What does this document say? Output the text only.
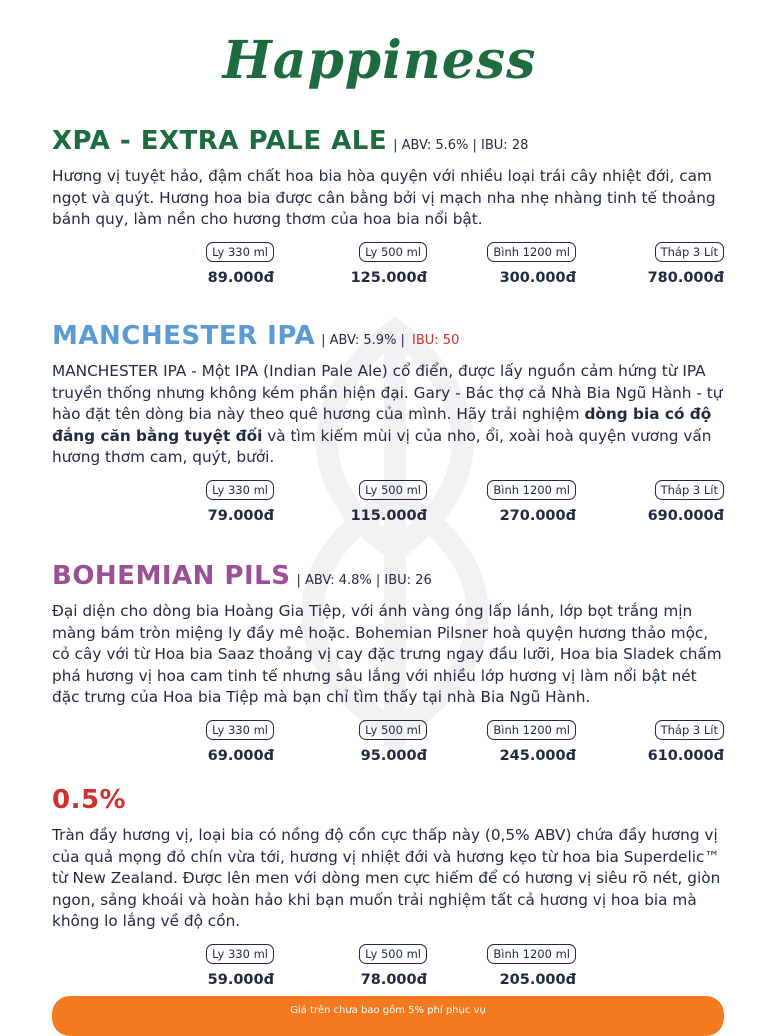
Happiness
XPA - EXTRA PALE ALE | ABV: 5.6% | IBU: 28
Hương vị tuyệt hảo, đậm chất hoa bia hòa quyện với nhiều loại trái cây nhiệt đới, cam ngọt và quýt. Hương hoa bia được cân bằng bởi vị mạch nha nhẹ nhàng tinh tế thoảng bánh quy, làm nền cho hương thơm của hoa bia nổi bật.
Ly 330 ml
89.000đ
Ly 500 ml
125.000đ
Bình 1200 ml
300.000đ
Tháp 3 Lít
780.000đ
MANCHESTER IPA | ABV: 5.9% | IBU: 50
MANCHESTER IPA - Một IPA (Indian Pale Ale) cổ điển, được lấy nguồn cảm hứng từ IPA truyền thống nhưng không kém phần hiện đại. Gary - Bác thợ cả Nhà Bia Ngũ Hành - tự hào đặt tên dòng bia này theo quê hương của mình. Hãy trải nghiệm dòng bia có độ đắng căn bằng tuyệt đối và tìm kiếm mùi vị của nho, ổi, xoài hoà quyện vương vấn hương thơm cam, quýt, bưởi.
Ly 330 ml
79.000đ
Ly 500 ml
115.000đ
Bình 1200 ml
270.000đ
Tháp 3 Lít
690.000đ
BOHEMIAN PILS | ABV: 4.8% | IBU: 26
Đại diện cho dòng bia Hoàng Gia Tiệp, với ánh vàng óng lấp lánh, lớp bọt trắng mịn màng bám tròn miệng ly đầy mê hoặc. Bohemian Pilsner hoà quyện hương thảo mộc, cỏ cây với từ Hoa bia Saaz thoảng vị cay đặc trưng ngay đầu lưỡi, Hoa bia Sladek chấm phá hương vị hoa cam tinh tế nhưng sâu lắng với nhiều lớp hương vị làm nổi bật nét đặc trưng của Hoa bia Tiệp mà bạn chỉ tìm thấy tại nhà Bia Ngũ Hành.
Ly 330 ml
69.000đ
Ly 500 ml
95.000đ
Bình 1200 ml
245.000đ
Tháp 3 Lít
610.000đ
0.5%
Tràn đầy hương vị, loại bia có nồng độ cồn cực thấp này (0,5% ABV) chứa đầy hương vị của quả mọng đỏ chín vừa tới, hương vị nhiệt đới và hương kẹo từ hoa bia Superdelic™ từ New Zealand. Được lên men với dòng men cực hiếm để có hương vị siêu rõ nét, giòn ngon, sảng khoái và hoàn hảo khi bạn muốn trải nghiệm tất cả hương vị hoa bia mà không lo lắng về độ cồn.
Ly 330 ml
59.000đ
Ly 500 ml
78.000đ
Bình 1200 ml
205.000đ
Giá trên chưa bao gồm 5% phí phục vụ
